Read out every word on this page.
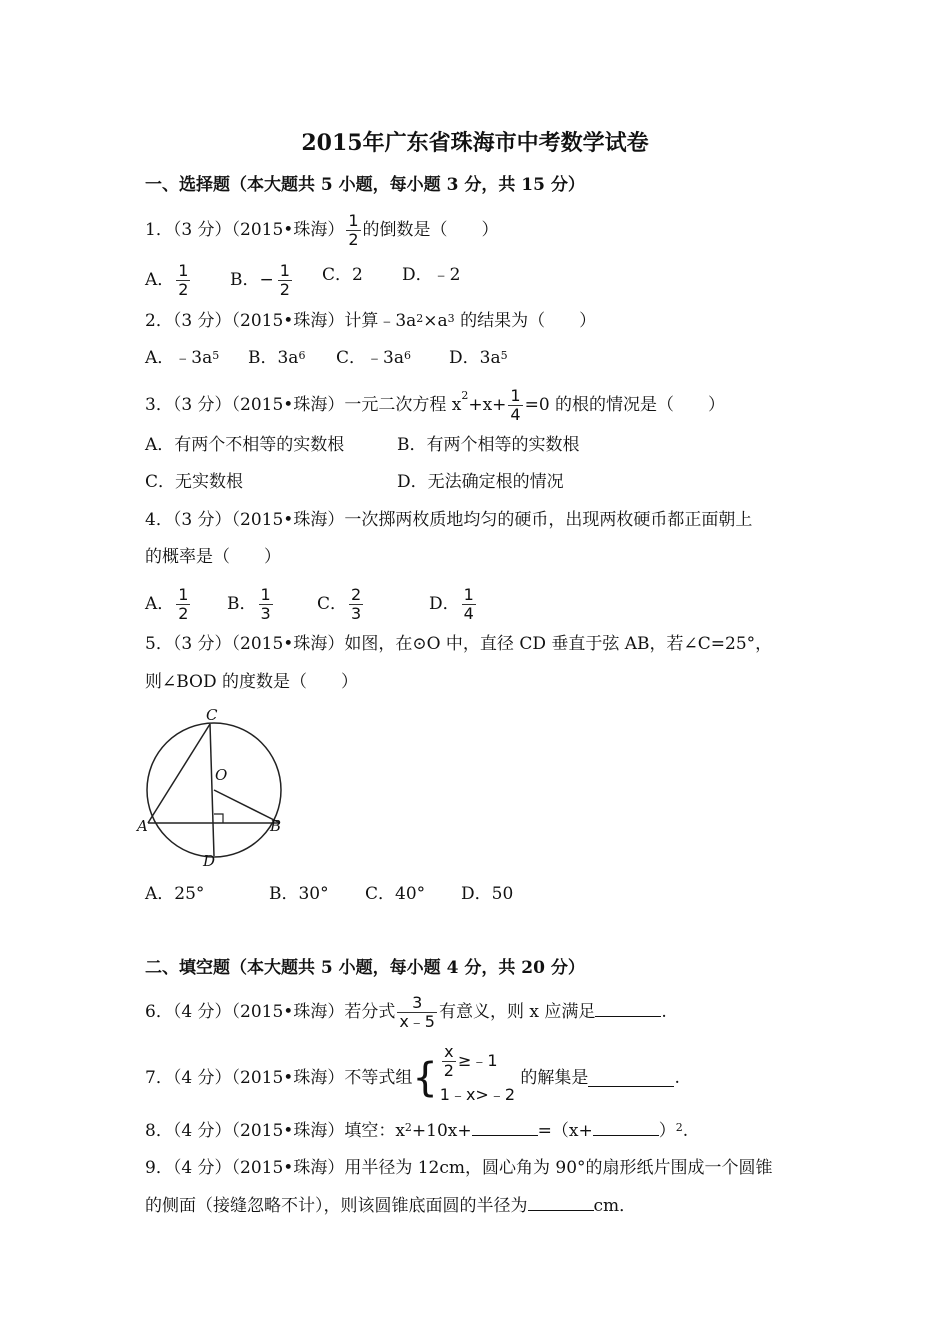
2015年广东省珠海市中考数学试卷
一、选择题（本大题共 5 小题，每小题 3 分，共 15 分）
1．（3 分）（2015•珠海） $\frac{1}{2}$ 的倒数是（　　）
A． $\frac{1}{2}$ B．− $\frac{1}{2}$ C．2 D．﹣2
2．（3 分）（2015•珠海）计算$﹣3a^2\times a^3$ 的结果为（　　）
A．$﹣3a^5$ B．$3a^6$ C．$﹣3a^6$ D．$3a^5$
3．（3 分）（2015•珠海）一元二次方程 $x^2+x+ \frac{1}{4} =0$ 的根的情况是（　　）
A．有两个不相等的实数根	B．有两个相等的实数根
C．无实数根	D．无法确定根的情况
4．（3 分）（2015•珠海）一次掷两枚质地均匀的硬币，出现两枚硬币都正面朝上
的概率是（　　）
A． $\frac{1}{2}$ B． $\frac{1}{3}$	C． $\frac{2}{3}$	D． $\frac{1}{4}$
5．（3 分）（2015•珠海）如图，在⊙O 中，直径 CD 垂直于弦 AB，若∠C=25°，
则∠BOD 的度数是（　　）
C
O
A	B
D
A．25°	B．30° C．40° D．50
二、填空题（本大题共 5 小题，每小题 4 分，共 20 分）
6．（4 分）（2015•珠海）若分式 $\frac{3}{x﹣5}$ 有意义，则 x 应满足	.
7．（4 分）（2015•珠海）不等式组{ $\frac{x}{2}$ ≥﹣1
1﹣x>﹣2
的解集是	.
8．（4 分）（2015•珠海）填空：$x^2+10x+$	=（x+	）$^2$.
9．（4 分）（2015•珠海）用半径为 12cm，圆心角为 90°的扇形纸片围成一个圆锥
的侧面（接缝忽略不计），则该圆锥底面圆的半径为	cm．
